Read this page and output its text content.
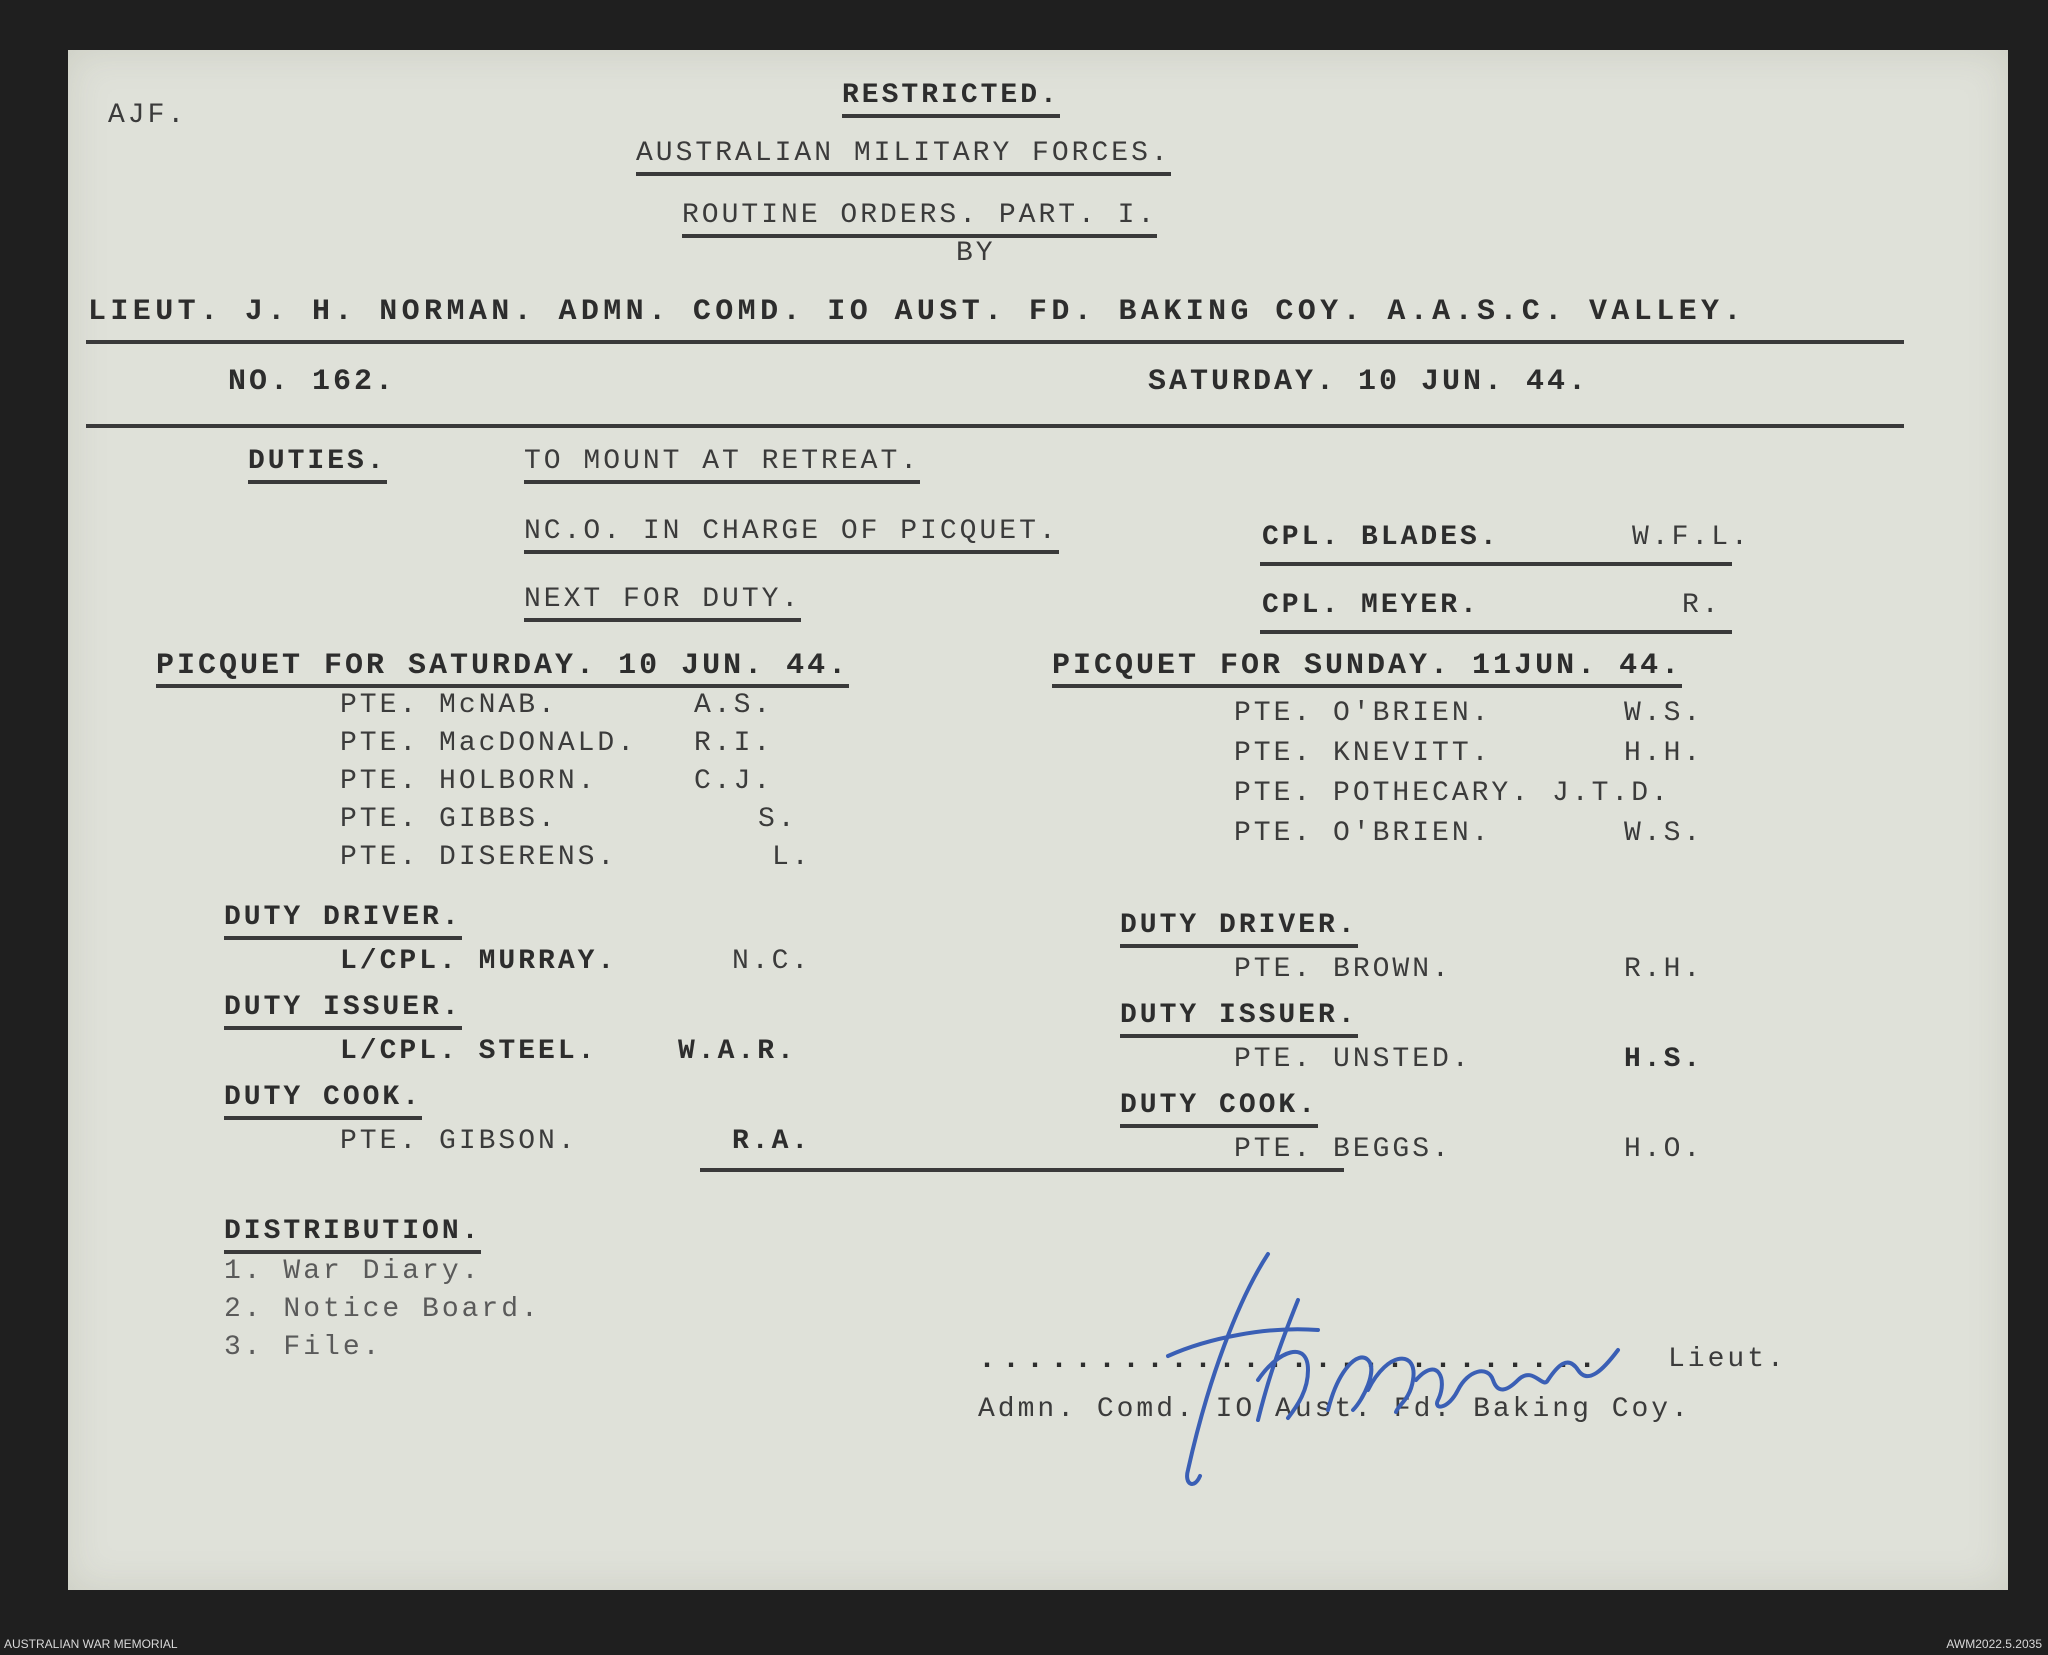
AJF.
RESTRICTED.
AUSTRALIAN MILITARY FORCES.
ROUTINE ORDERS. PART. I.
BY
LIEUT. J. H. NORMAN. ADMN. COMD. IO AUST. FD. BAKING COY. A.A.S.C. VALLEY.
NO. 162.	SATURDAY. 10 JUN. 44.
DUTIES.	TO MOUNT AT RETREAT.
NC.O. IN CHARGE OF PICQUET.	CPL. BLADES.	W.F.L.
NEXT FOR DUTY.	CPL. MEYER.	R.
PICQUET FOR SATURDAY. 10 JUN. 44.
PTE. McNAB.	A.S.
PTE. MacDONALD. R.I.
PTE. HOLBORN.	C.J.
PTE. GIBBS.	S.
PTE. DISERENS.	L.
DUTY DRIVER.
L/CPL. MURRAY.	N.C.
DUTY ISSUER.
L/CPL. STEEL.	W.A.R.
DUTY COOK.
PTE. GIBSON.	R.A.
PICQUET FOR SUNDAY. 11JUN. 44.
PTE. O'BRIEN.	W.S.
PTE. KNEVITT.	H.H.
PTE. POTHECARY. J.T.D.
PTE. O'BRIEN.	W.S.
DUTY DRIVER.
PTE. BROWN.	R.H.
DUTY ISSUER.
PTE. UNSTED.	H.S.
DUTY COOK.
PTE. BEGGS.	H.O.
DISTRIBUTION.
1. War Diary.
2. Notice Board.
3. File.	.......................... Lieut.
Admn. Comd. IO Aust. Fd. Baking Coy.
AUSTRALIAN WAR MEMORIAL	AWM2022.5.2035
